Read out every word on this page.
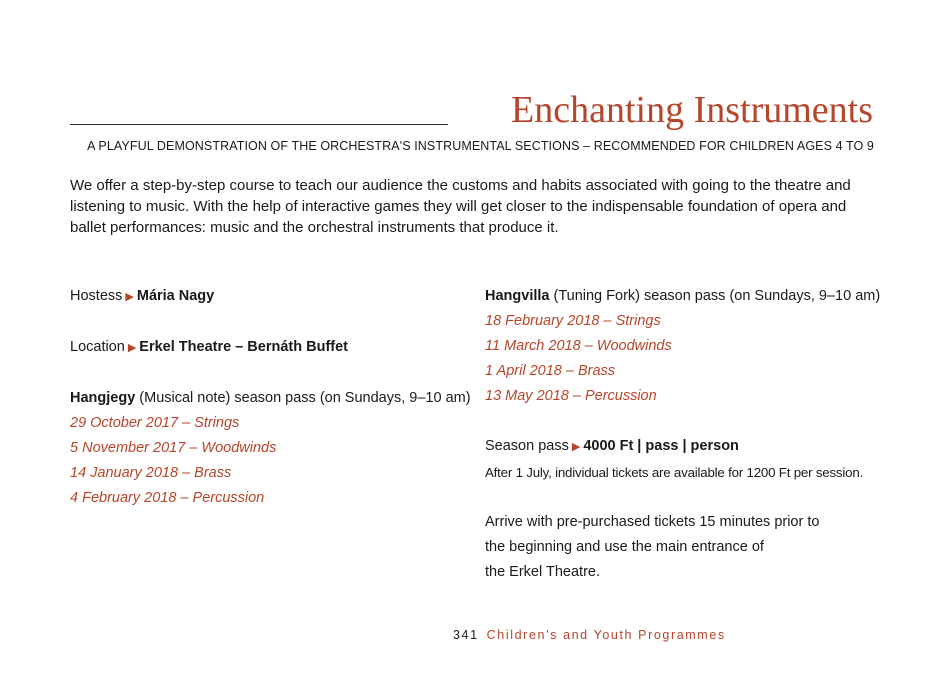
Enchanting Instruments

A PLAYFUL DEMONSTRATION OF THE ORCHESTRA'S INSTRUMENTAL SECTIONS – RECOMMENDED FOR CHILDREN AGES 4 TO 9

We offer a step-by-step course to teach our audience the customs and habits associated with going to the theatre and listening to music. With the help of interactive games they will get closer to the indispensable foundation of opera and ballet performances: music and the orchestral instruments that produce it.

Hostess ▶ Mária Nagy
Location ▶ Erkel Theatre – Bernáth Buffet
Hangjegy (Musical note) season pass (on Sundays, 9–10 am)
29 October 2017 – Strings
5 November 2017 – Woodwinds
14 January 2018 – Brass
4 February 2018 – Percussion
Hangvilla (Tuning Fork) season pass (on Sundays, 9–10 am)
18 February 2018 – Strings
11 March 2018 – Woodwinds
1 April 2018 – Brass
13 May 2018 – Percussion
Season pass ▶ 4000 Ft | pass | person
After 1 July, individual tickets are available for 1200 Ft per session.
Arrive with pre-purchased tickets 15 minutes prior to
the beginning and use the main entrance of
the Erkel Theatre.
341 Children’s and Youth Programmes
